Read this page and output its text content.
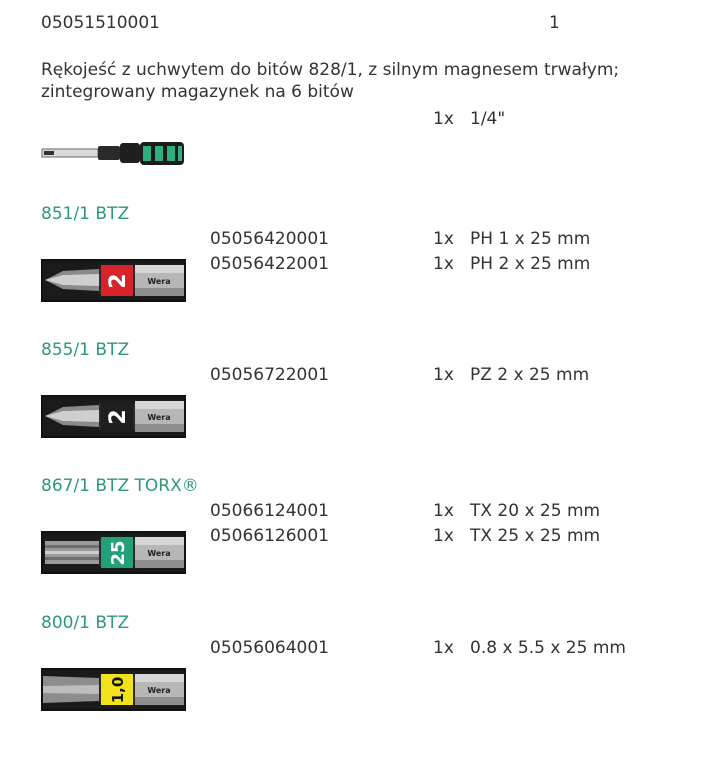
05051510001	1
Rękojeść z uchwytem do bitów 828/1, z silnym magnesem trwałym; zintegrowany magazynek na 6 bitów
1x 1/4"
851/1 BTZ
05056420001	1x PH 1 x 25 mm
05056422001	1x PH 2 x 25 mm
2 Wera
855/1 BTZ
05056722001	1x PZ 2 x 25 mm
2 Wera
867/1 BTZ TORX®
05066124001	1x TX 20 x 25 mm
05066126001	1x TX 25 x 25 mm
25 Wera
800/1 BTZ
05056064001	1x 0.8 x 5.5 x 25 mm
1,0	Wera
